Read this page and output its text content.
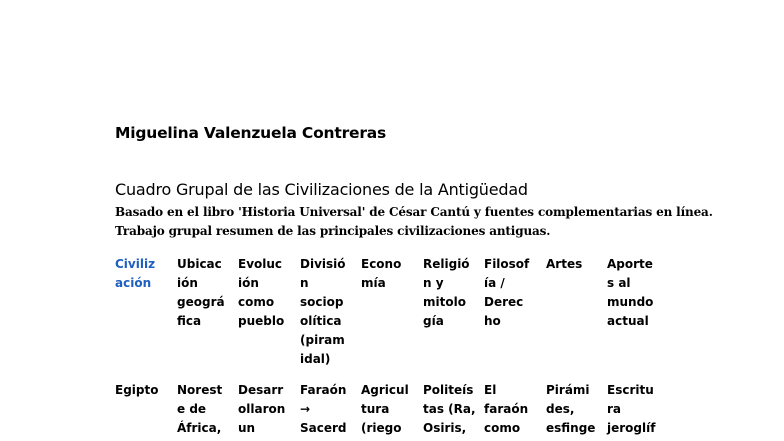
Miguelina Valenzuela Contreras
Cuadro Grupal de las Civilizaciones de la Antigüedad
Basado en el libro 'Historia Universal' de César Cantú y fuentes complementarias en línea.
Trabajo grupal resumen de las principales civilizaciones antiguas.
Civiliz
ación
Ubicac
ión
geográ
fica
Evoluc
ión
como
pueblo
Divisió
n
sociop
olítica
(piram
idal)
Econo
mía
Religió
n y
mitolo
gía
Filosof
ía /
Derec
ho
Artes	Aporte
s al
mundo
actual
Egipto	Norest
e de
África,
Desarr
ollaron
un
Faraón
→
Sacerd
Agricul
tura
(riego
Politeís
tas (Ra,
Osiris,
El
faraón
como
Pirámi
des,
esfinge
Escritu
ra
jeroglíf
